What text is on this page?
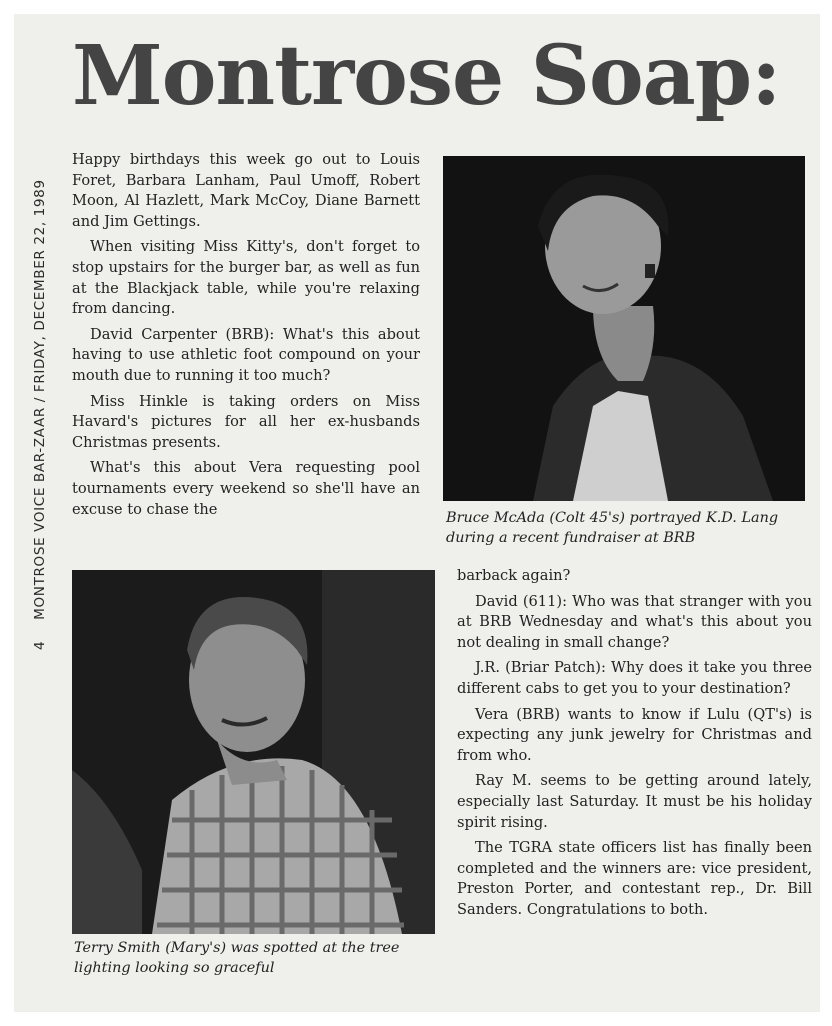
4 MONTROSE VOICE BAR-ZAAR / FRIDAY, DECEMBER 22, 1989
Montrose Soap:

Happy birthdays this week go out to Louis Foret, Barbara Lanham, Paul Umoff, Robert Moon, Al Hazlett, Mark McCoy, Diane Barnett and Jim Gettings.

When visiting Miss Kitty's, don't forget to stop upstairs for the burger bar, as well as fun at the Blackjack table, while you're relaxing from dancing.

David Carpenter (BRB): What's this about having to use athletic foot compound on your mouth due to running it too much?

Miss Hinkle is taking orders on Miss Havard's pictures for all her ex-husbands Christmas presents.

What's this about Vera requesting pool tournaments every weekend so she'll have an excuse to chase the

Bruce McAda (Colt 45's) portrayed K.D. Lang during a recent fundraiser at BRB
Terry Smith (Mary's) was spotted at the tree lighting looking so graceful

barback again?

David (611): Who was that stranger with you at BRB Wednesday and what's this about you not dealing in small change?

J.R. (Briar Patch): Why does it take you three different cabs to get you to your destination?

Vera (BRB) wants to know if Lulu (QT's) is expecting any junk jewelry for Christmas and from who.

Ray M. seems to be getting around lately, especially last Saturday. It must be his holiday spirit rising.

The TGRA state officers list has finally been completed and the winners are: vice president, Preston Porter, and contestant rep., Dr. Bill Sanders. Congratulations to both.
